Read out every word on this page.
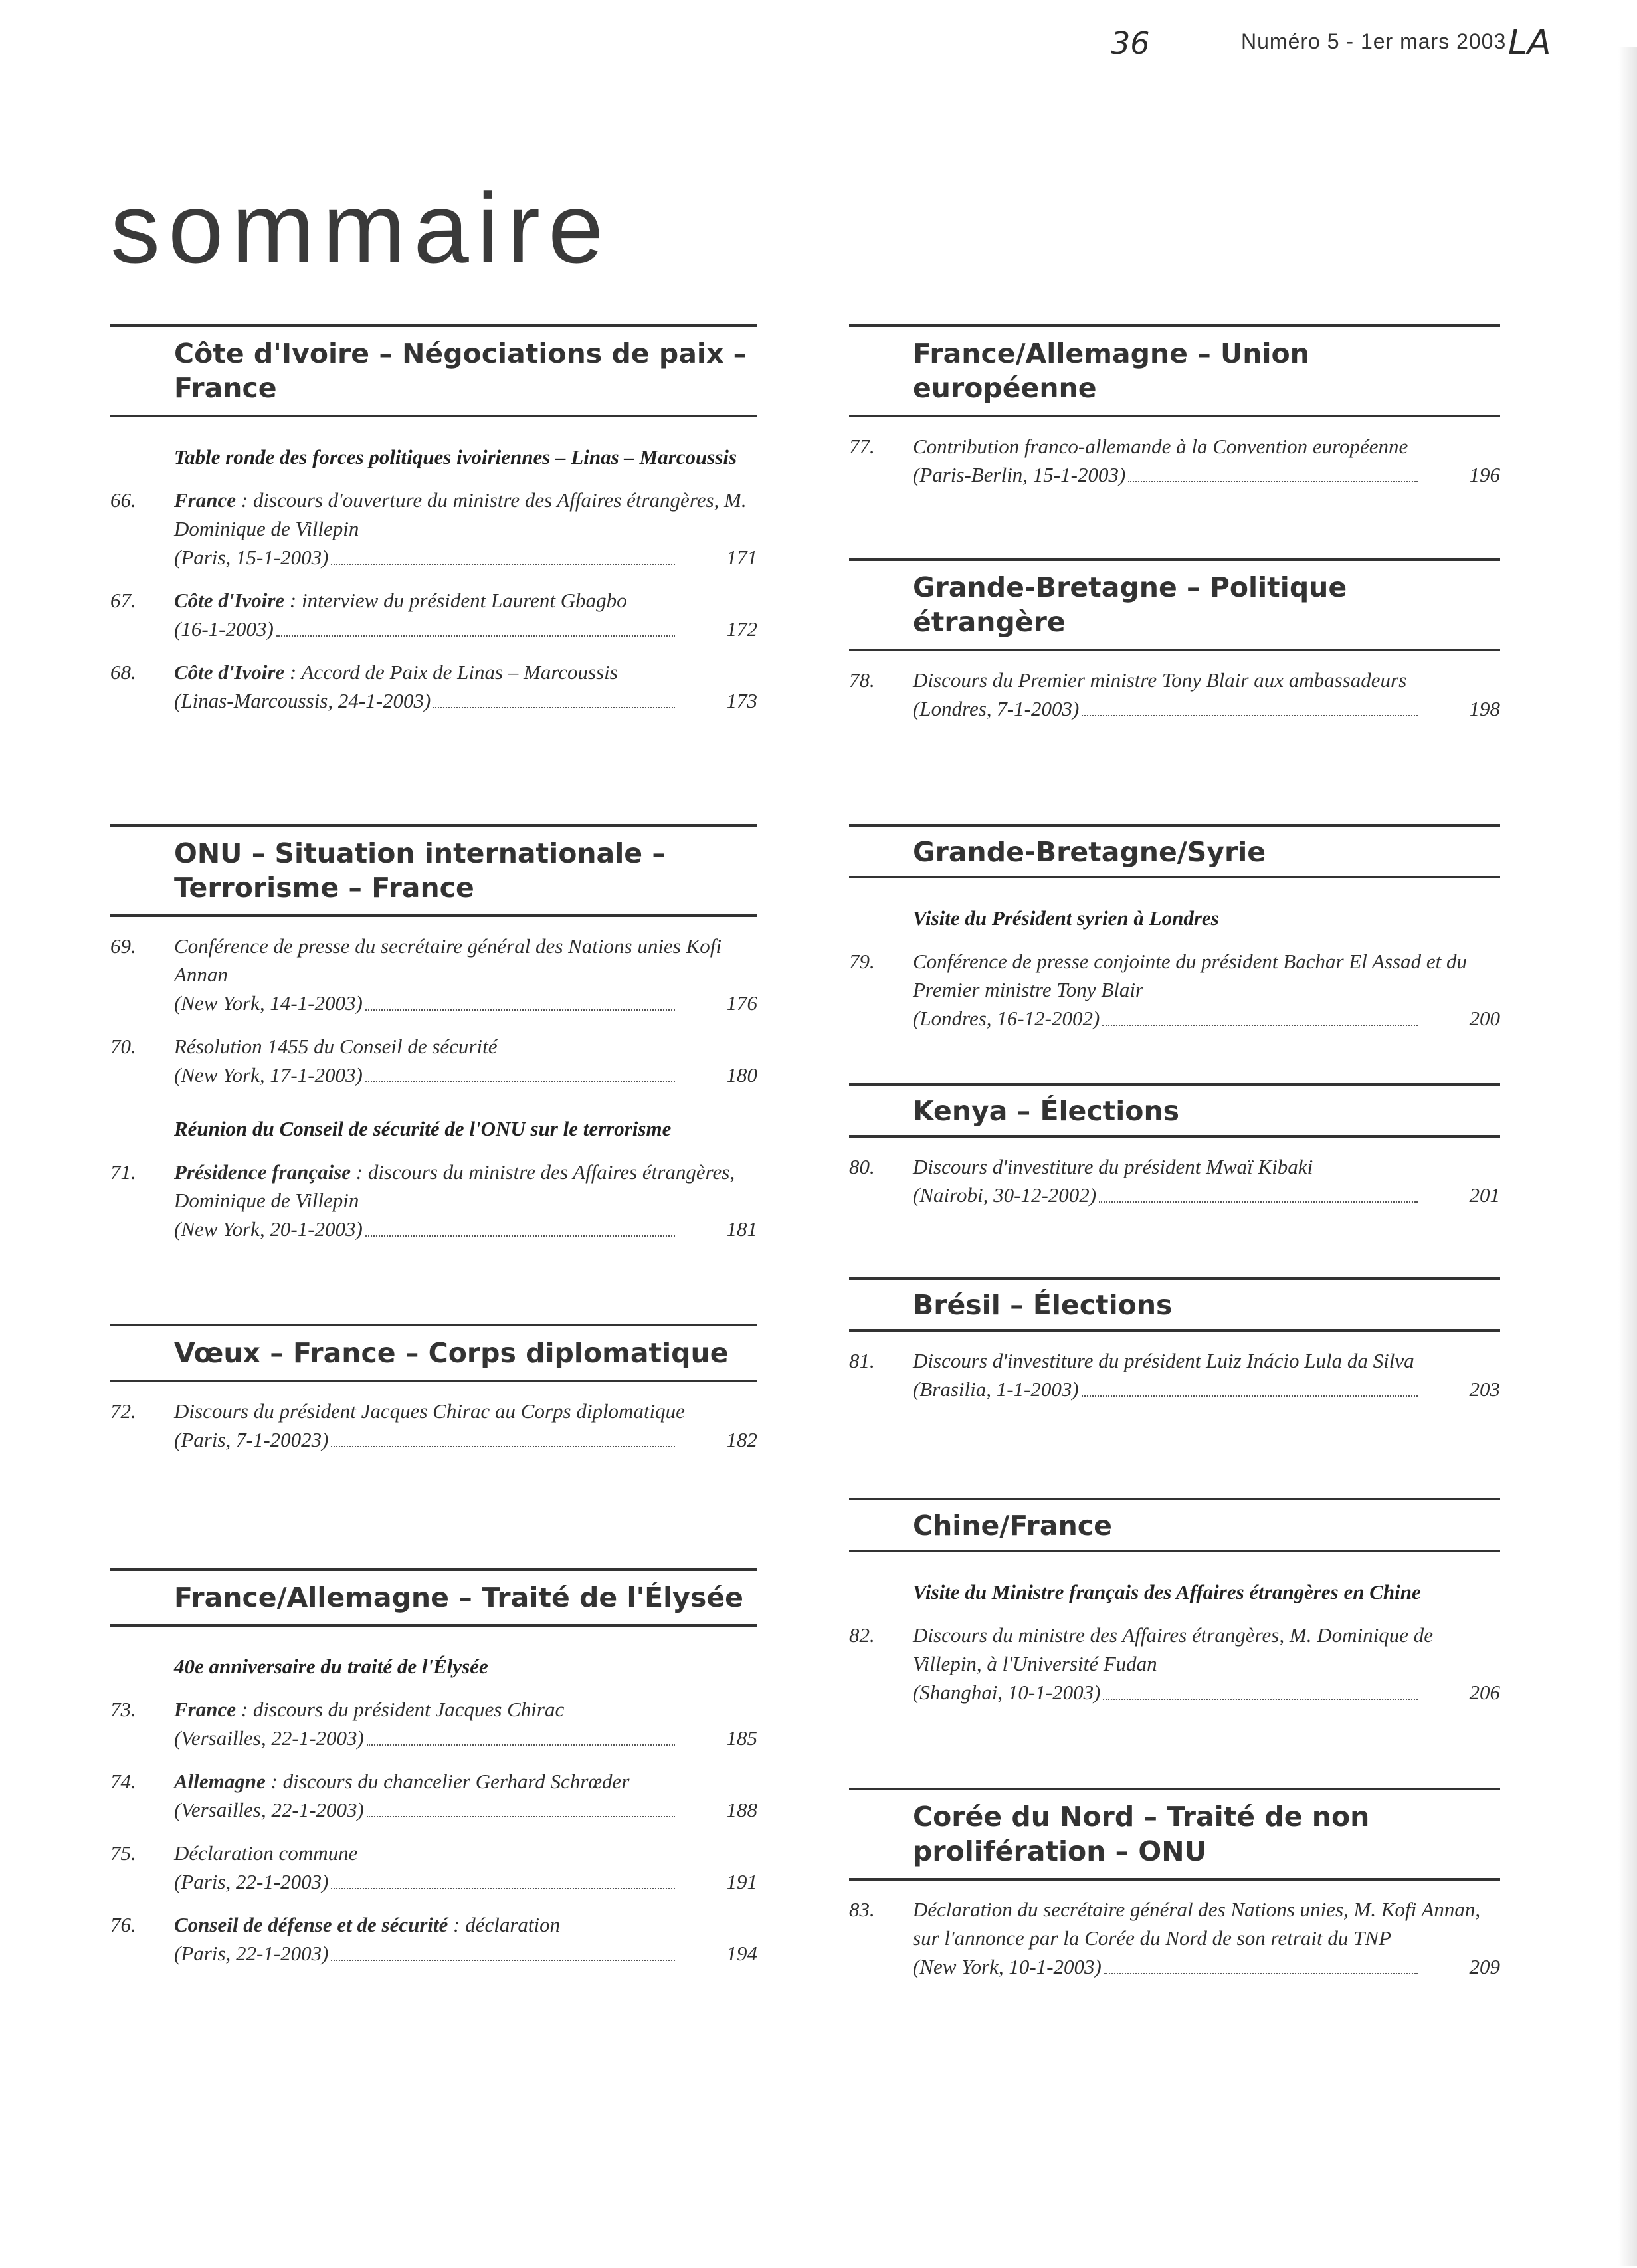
36	Numéro 5 - 1er mars 2003 LA
sommaire
Côte d'Ivoire – Négociations de paix – France
Table ronde des forces politiques ivoiriennes – Linas – Marcoussis
66.	France : discours d'ouverture du ministre des Affaires étrangères, M. Dominique de Villepin
(Paris, 15-1-2003)	171
67.	Côte d'Ivoire : interview du président Laurent Gbagbo
(16-1-2003)	172
68.	Côte d'Ivoire : Accord de Paix de Linas – Marcoussis
(Linas-Marcoussis, 24-1-2003)	173
ONU – Situation internationale – Terrorisme – France
69.	Conférence de presse du secrétaire général des Nations unies Kofi Annan
(New York, 14-1-2003)	176
70.	Résolution 1455 du Conseil de sécurité
(New York, 17-1-2003)	180
Réunion du Conseil de sécurité de l'ONU sur le terrorisme
71.	Présidence française : discours du ministre des Affaires étrangères, Dominique de Villepin
(New York, 20-1-2003)	181
Vœux – France – Corps diplomatique
72.	Discours du président Jacques Chirac au Corps diplomatique
(Paris, 7-1-20023)	182
France/Allemagne – Traité de l'Élysée
40e anniversaire du traité de l'Élysée
73.	France : discours du président Jacques Chirac
(Versailles, 22-1-2003)	185
74.	Allemagne : discours du chancelier Gerhard Schrœder
(Versailles, 22-1-2003)	188
75.	Déclaration commune
(Paris, 22-1-2003)	191
76.	Conseil de défense et de sécurité : déclaration
(Paris, 22-1-2003)	194
France/Allemagne – Union européenne
77.	Contribution franco-allemande à la Convention européenne
(Paris-Berlin, 15-1-2003)	196
Grande-Bretagne – Politique étrangère
78.	Discours du Premier ministre Tony Blair aux ambassadeurs
(Londres, 7-1-2003)	198
Grande-Bretagne/Syrie
Visite du Président syrien à Londres
79.	Conférence de presse conjointe du président Bachar El Assad et du Premier ministre Tony Blair
(Londres, 16-12-2002)	200
Kenya – Élections
80.	Discours d'investiture du président Mwaï Kibaki
(Nairobi, 30-12-2002)	201
Brésil – Élections
81.	Discours d'investiture du président Luiz Inácio Lula da Silva
(Brasilia, 1-1-2003)	203
Chine/France
Visite du Ministre français des Affaires étrangères en Chine
82.	Discours du ministre des Affaires étrangères, M. Dominique de Villepin, à l'Université Fudan
(Shanghai, 10-1-2003)	206
Corée du Nord – Traité de non prolifération – ONU
83.	Déclaration du secrétaire général des Nations unies, M. Kofi Annan, sur l'annonce par la Corée du Nord de son retrait du TNP
(New York, 10-1-2003)	209
